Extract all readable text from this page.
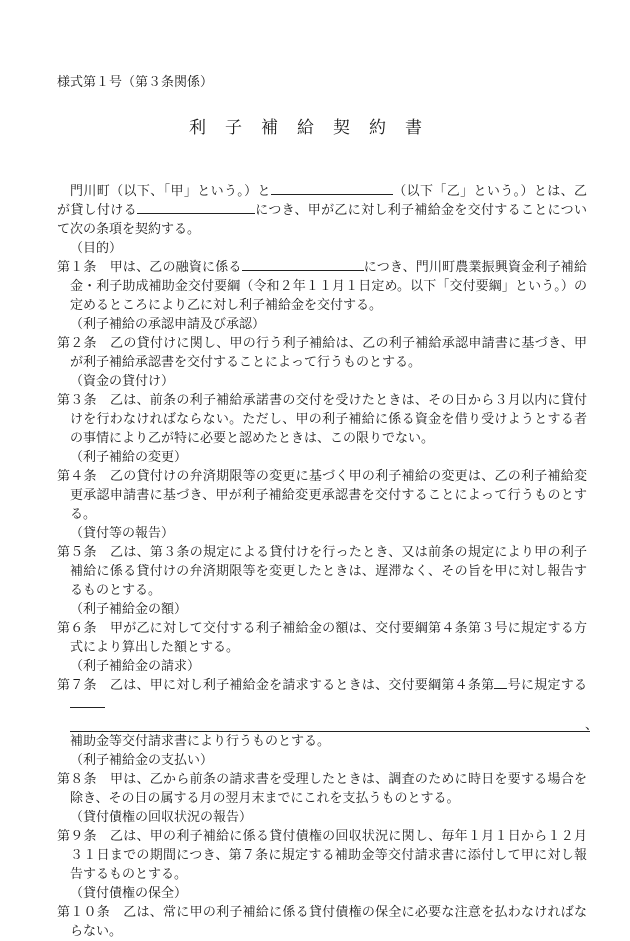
様式第１号（第３条関係）

利子補給契約書

門川町（以下、「甲」という。）と	（以下「乙」という。）とは、乙が貸し付ける	につき、甲が乙に対し利子補給金を交付することについて次の条項を契約する。

（目的）

第１条　甲は、乙の融資に係る	につき、門川町農業振興資金利子補給金・利子助成補助金交付要綱（令和２年１１月１日定め。以下「交付要綱」という。）の定めるところにより乙に対し利子補給金を交付する。

（利子補給の承認申請及び承認）

第２条　乙の貸付けに関し、甲の行う利子補給は、乙の利子補給承認申請書に基づき、甲が利子補給承認書を交付することによって行うものとする。

（資金の貸付け）

第３条　乙は、前条の利子補給承諾書の交付を受けたときは、その日から３月以内に貸付けを行わなければならない。ただし、甲の利子補給に係る資金を借り受けようとする者の事情により乙が特に必要と認めたときは、この限りでない。

（利子補給の変更）

第４条　乙の貸付けの弁済期限等の変更に基づく甲の利子補給の変更は、乙の利子補給変更承認申請書に基づき、甲が利子補給変更承認書を交付することによって行うものとする。

（貸付等の報告）

第５条　乙は、第３条の規定による貸付けを行ったとき、又は前条の規定により甲の利子補給に係る貸付けの弁済期限等を変更したときは、遅滞なく、その旨を甲に対し報告するものとする。

（利子補給金の額）

第６条　甲が乙に対して交付する利子補給金の額は、交付要綱第４条第３号に規定する方式により算出した額とする。

（利子補給金の請求）

第７条　乙は、甲に対し利子補給金を請求するときは、交付要綱第４条第 号に規定する

、

補助金等交付請求書により行うものとする。

（利子補給金の支払い）

第８条　甲は、乙から前条の請求書を受理したときは、調査のために時日を要する場合を除き、その日の属する月の翌月末までにこれを支払うものとする。

（貸付債権の回収状況の報告）

第９条　乙は、甲の利子補給に係る貸付債権の回収状況に関し、毎年１月１日から１２月３１日までの期間につき、第７条に規定する補助金等交付請求書に添付して甲に対し報告するものとする。

（貸付債権の保全）

第１０条　乙は、常に甲の利子補給に係る貸付債権の保全に必要な注意を払わなければならない。
